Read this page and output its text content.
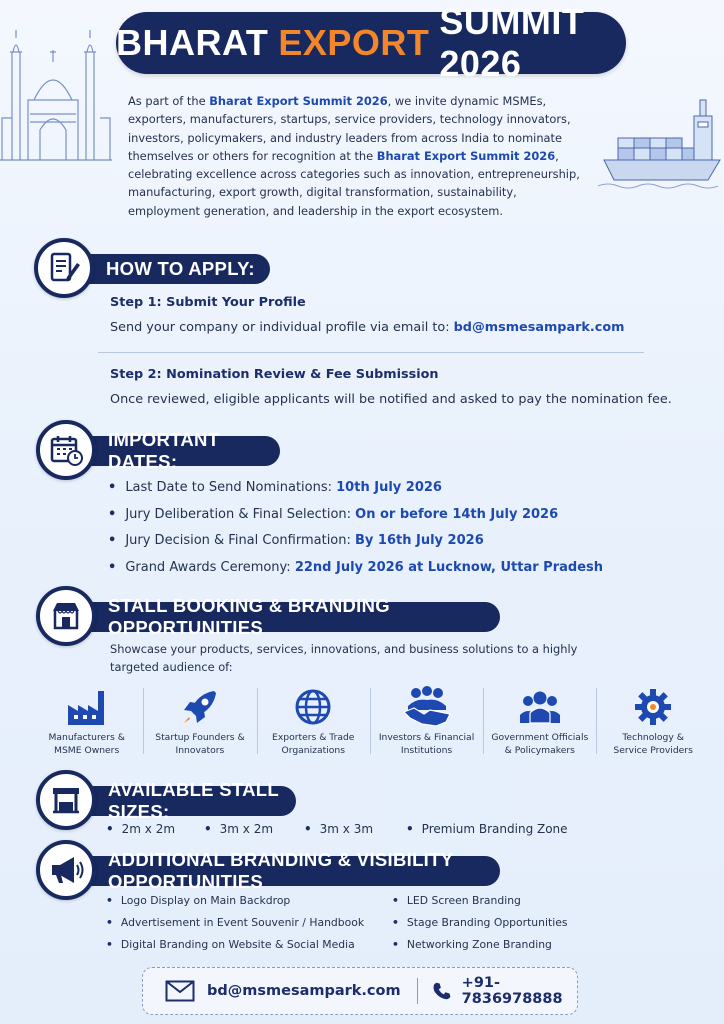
BHARAT EXPORT
SUMMIT 2026
As part of the Bharat Export Summit 2026, we invite dynamic MSMEs,
exporters, manufacturers, startups, service providers, technology innovators,
investors, policymakers, and industry leaders from across India to nominate
themselves or others for recognition at the Bharat Export Summit 2026,
celebrating excellence across categories such as innovation, entrepreneurship,
manufacturing, export growth, digital transformation, sustainability,
employment generation, and leadership in the export ecosystem.
HOW TO APPLY:
Step 1: Submit Your Profile
Send your company or individual profile via email to: bd@msmesampark.com
Step 2: Nomination Review & Fee Submission
Once reviewed, eligible applicants will be notified and asked to pay the nomination fee.
IMPORTANT DATES:
• Last Date to Send Nominations: 10th July 2026
• Jury Deliberation & Final Selection: On or before 14th July 2026
• Jury Decision & Final Confirmation: By 16th July 2026
• Grand Awards Ceremony: 22nd July 2026 at Lucknow, Uttar Pradesh
STALL BOOKING & BRANDING OPPORTUNITIES
Showcase your products, services, innovations, and business solutions to a highly
targeted audience of:
Manufacturers &
MSME Owners
Startup Founders &
Innovators
Exporters & Trade
Organizations
Investors & Financial
Institutions
Government Officials
& Policymakers
Technology &
Service Providers
AVAILABLE STALL SIZES:
• 2m x 2m	• 3m x 2m	• 3m x 3m	• Premium Branding Zone
ADDITIONAL BRANDING & VISIBILITY OPPORTUNITIES
• Logo Display on Main Backdrop
• Advertisement in Event Souvenir / Handbook
• Digital Branding on Website & Social Media
• LED Screen Branding
• Stage Branding Opportunities
• Networking Zone Branding
bd@msmesampark.com	+91-7836978888
